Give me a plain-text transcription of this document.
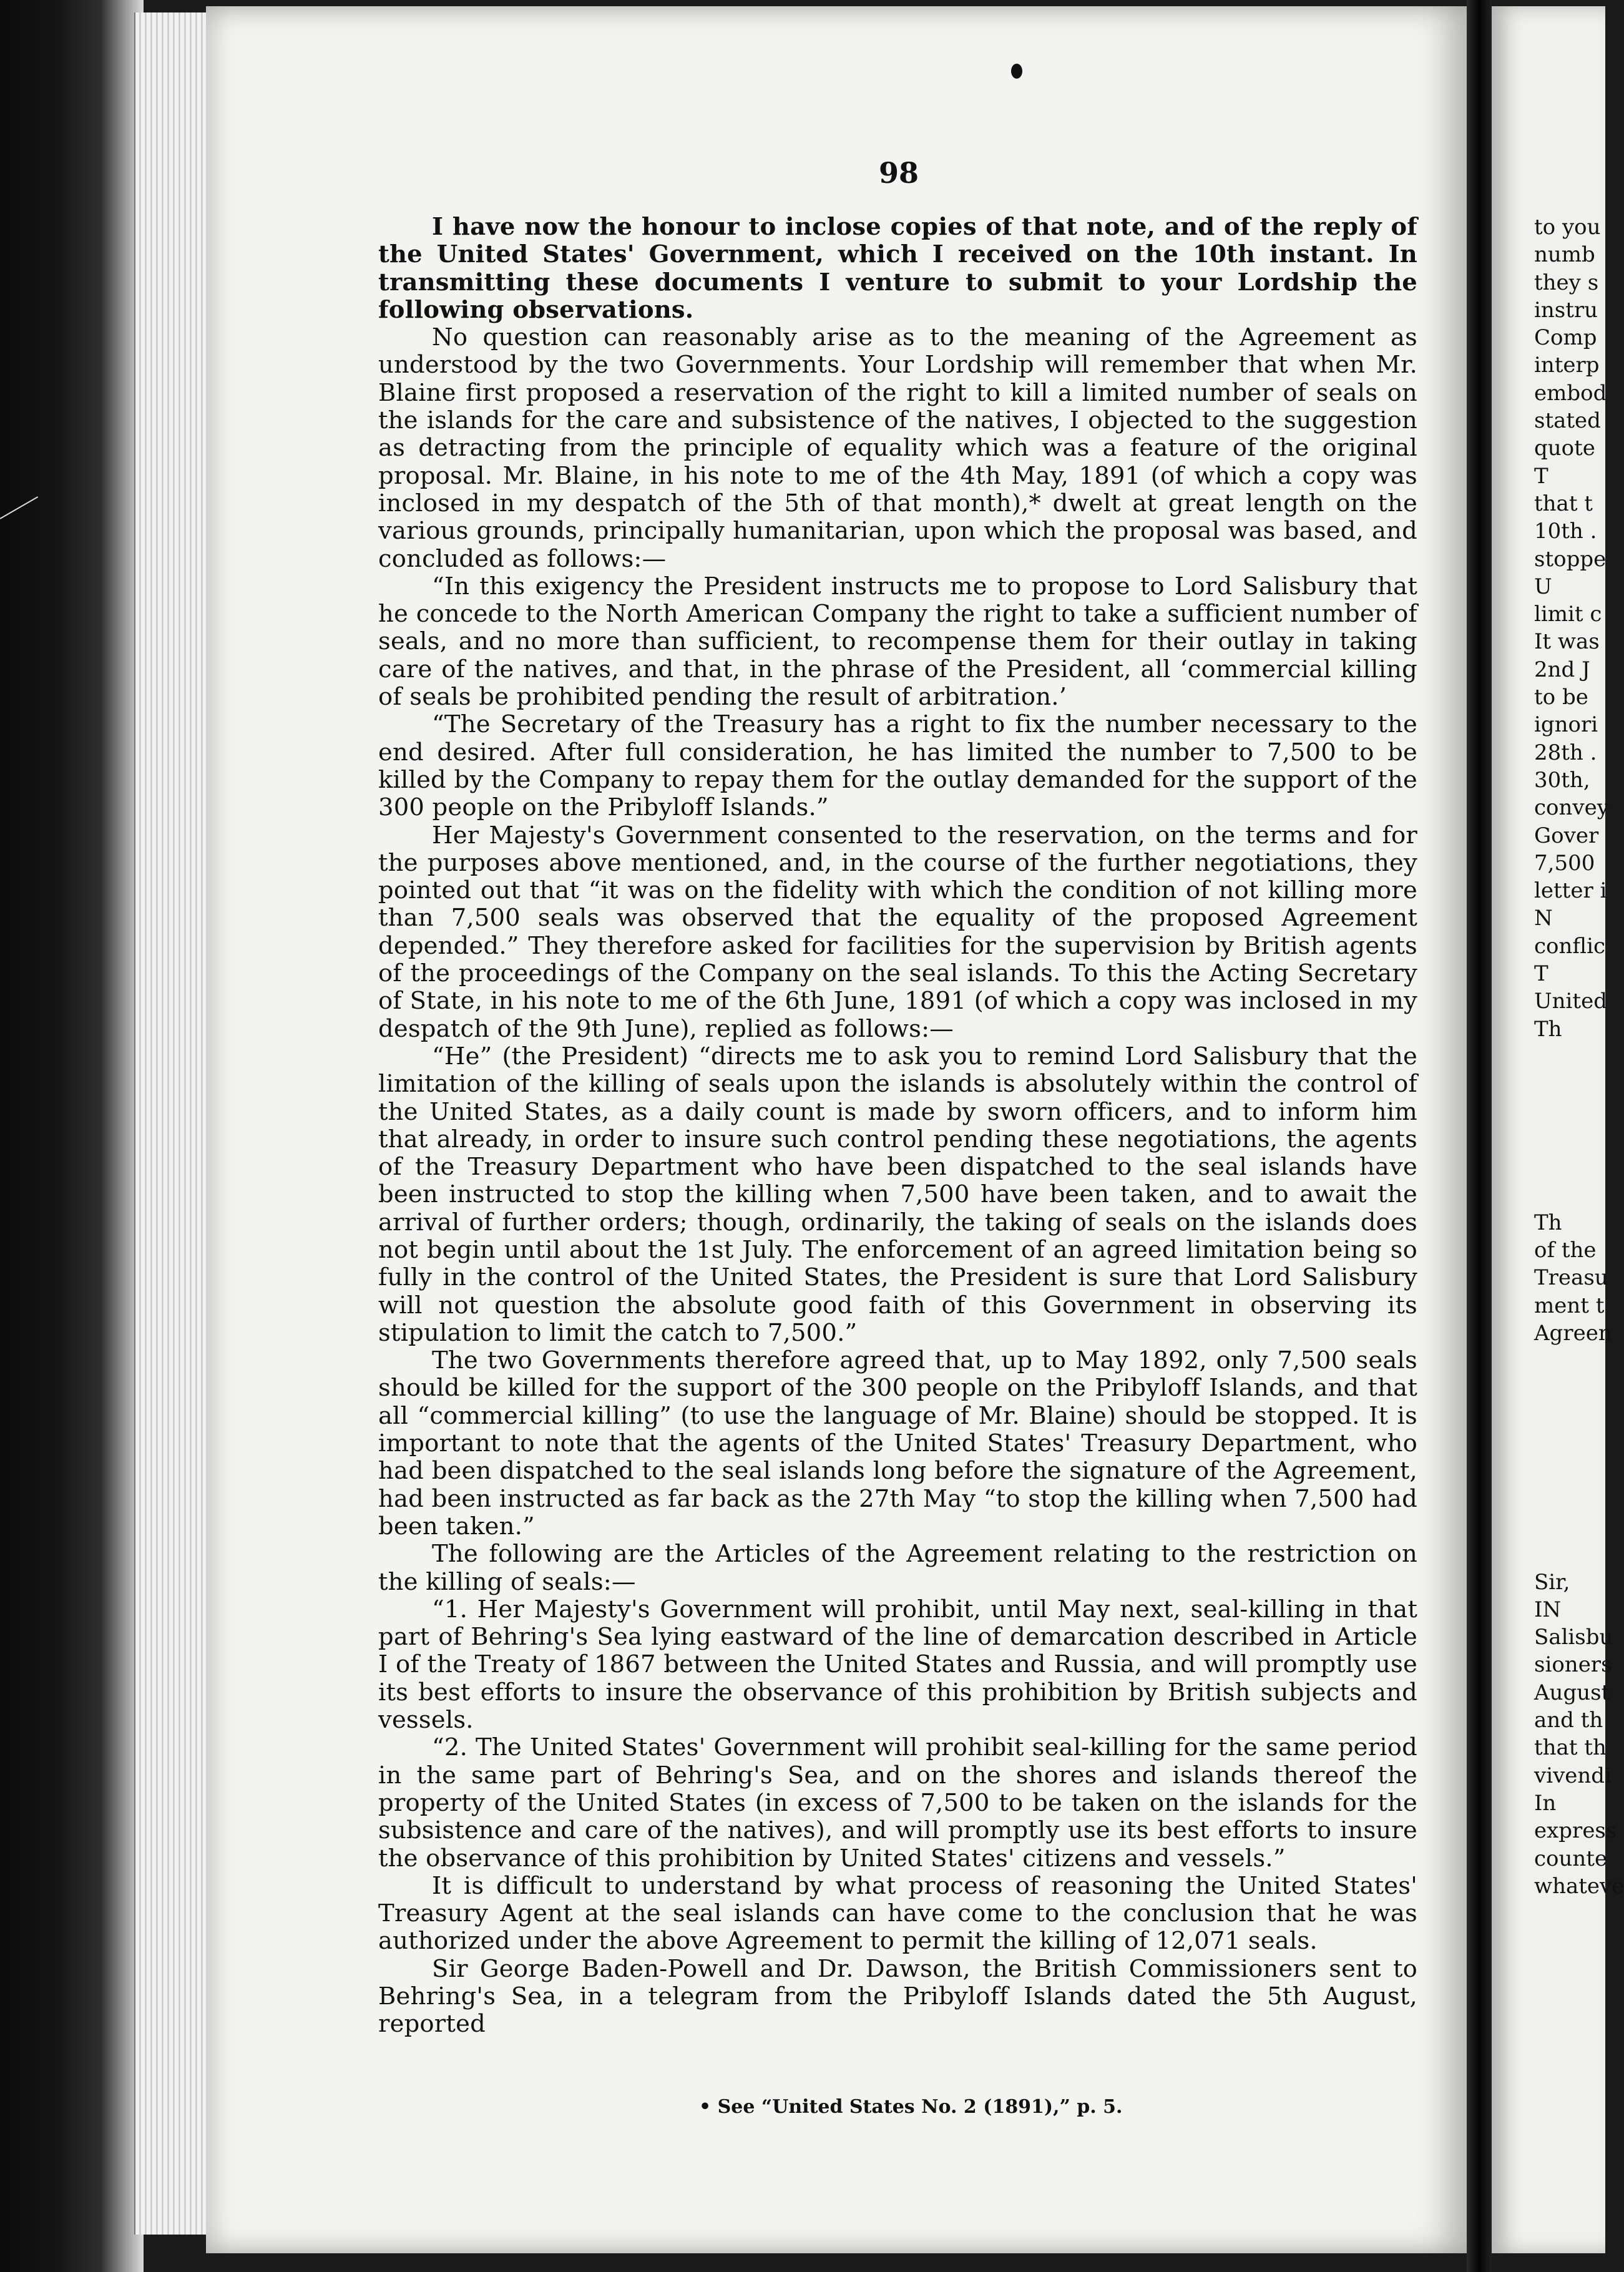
98

I have now the honour to inclose copies of that note, and of the reply of the United States' Government, which I received on the 10th instant. In transmitting these documents I venture to submit to your Lordship the following observations.

No question can reasonably arise as to the meaning of the Agreement as understood by the two Governments. Your Lordship will remember that when Mr. Blaine first proposed a reservation of the right to kill a limited number of seals on the islands for the care and subsistence of the natives, I objected to the suggestion as detracting from the principle of equality which was a feature of the original proposal. Mr. Blaine, in his note to me of the 4th May, 1891 (of which a copy was inclosed in my despatch of the 5th of that month),* dwelt at great length on the various grounds, principally humanitarian, upon which the proposal was based, and concluded as follows:—

“In this exigency the President instructs me to propose to Lord Salisbury that he concede to the North American Company the right to take a sufficient number of seals, and no more than sufficient, to recompense them for their outlay in taking care of the natives, and that, in the phrase of the President, all ‘commercial killing of seals be prohibited pending the result of arbitration.’

“The Secretary of the Treasury has a right to fix the number necessary to the end desired. After full consideration, he has limited the number to 7,500 to be killed by the Company to repay them for the outlay demanded for the support of the 300 people on the Pribyloff Islands.”

Her Majesty's Government consented to the reservation, on the terms and for the purposes above mentioned, and, in the course of the further negotiations, they pointed out that “it was on the fidelity with which the condition of not killing more than 7,500 seals was observed that the equality of the proposed Agreement depended.” They therefore asked for facilities for the supervision by British agents of the proceedings of the Company on the seal islands. To this the Acting Secretary of State, in his note to me of the 6th June, 1891 (of which a copy was inclosed in my despatch of the 9th June), replied as follows:—

“He” (the President) “directs me to ask you to remind Lord Salisbury that the limitation of the killing of seals upon the islands is absolutely within the control of the United States, as a daily count is made by sworn officers, and to inform him that already, in order to insure such control pending these negotiations, the agents of the Treasury Department who have been dispatched to the seal islands have been instructed to stop the killing when 7,500 have been taken, and to await the arrival of further orders; though, ordinarily, the taking of seals on the islands does not begin until about the 1st July. The enforcement of an agreed limitation being so fully in the control of the United States, the President is sure that Lord Salisbury will not question the absolute good faith of this Government in observing its stipulation to limit the catch to 7,500.”

The two Governments therefore agreed that, up to May 1892, only 7,500 seals should be killed for the support of the 300 people on the Pribyloff Islands, and that all “commercial killing” (to use the language of Mr. Blaine) should be stopped. It is important to note that the agents of the United States' Treasury Department, who had been dispatched to the seal islands long before the signature of the Agreement, had been instructed as far back as the 27th May “to stop the killing when 7,500 had been taken.”

The following are the Articles of the Agreement relating to the restriction on the killing of seals:—

“1. Her Majesty's Government will prohibit, until May next, seal-killing in that part of Behring's Sea lying eastward of the line of demarcation described in Article I of the Treaty of 1867 between the United States and Russia, and will promptly use its best efforts to insure the observance of this prohibition by British subjects and vessels.

“2. The United States' Government will prohibit seal-killing for the same period in the same part of Behring's Sea, and on the shores and islands thereof the property of the United States (in excess of 7,500 to be taken on the islands for the subsistence and care of the natives), and will promptly use its best efforts to insure the observance of this prohibition by United States' citizens and vessels.”

It is difficult to understand by what process of reasoning the United States' Treasury Agent at the seal islands can have come to the conclusion that he was authorized under the above Agreement to permit the killing of 12,071 seals.

Sir George Baden-Powell and Dr. Dawson, the British Commissioners sent to Behring's Sea, in a telegram from the Pribyloff Islands dated the 5th August, reported

• See “United States No. 2 (1891),” p. 5.
to you
numb
they s
instru
Comp
interp
embod
stated
quote
T
that t
10th .
stoppe
U
limit c
It was
2nd J
to be
ignori
28th .
30th,
convey
Gover
7,500
letter i
N
conflic
T
United
Th
Th
of the
Treasu
ment t
Agreen
Sir,
IN
Salisbu
sioners
August
and th
that th
vivendi
In
express
counte
whateve
